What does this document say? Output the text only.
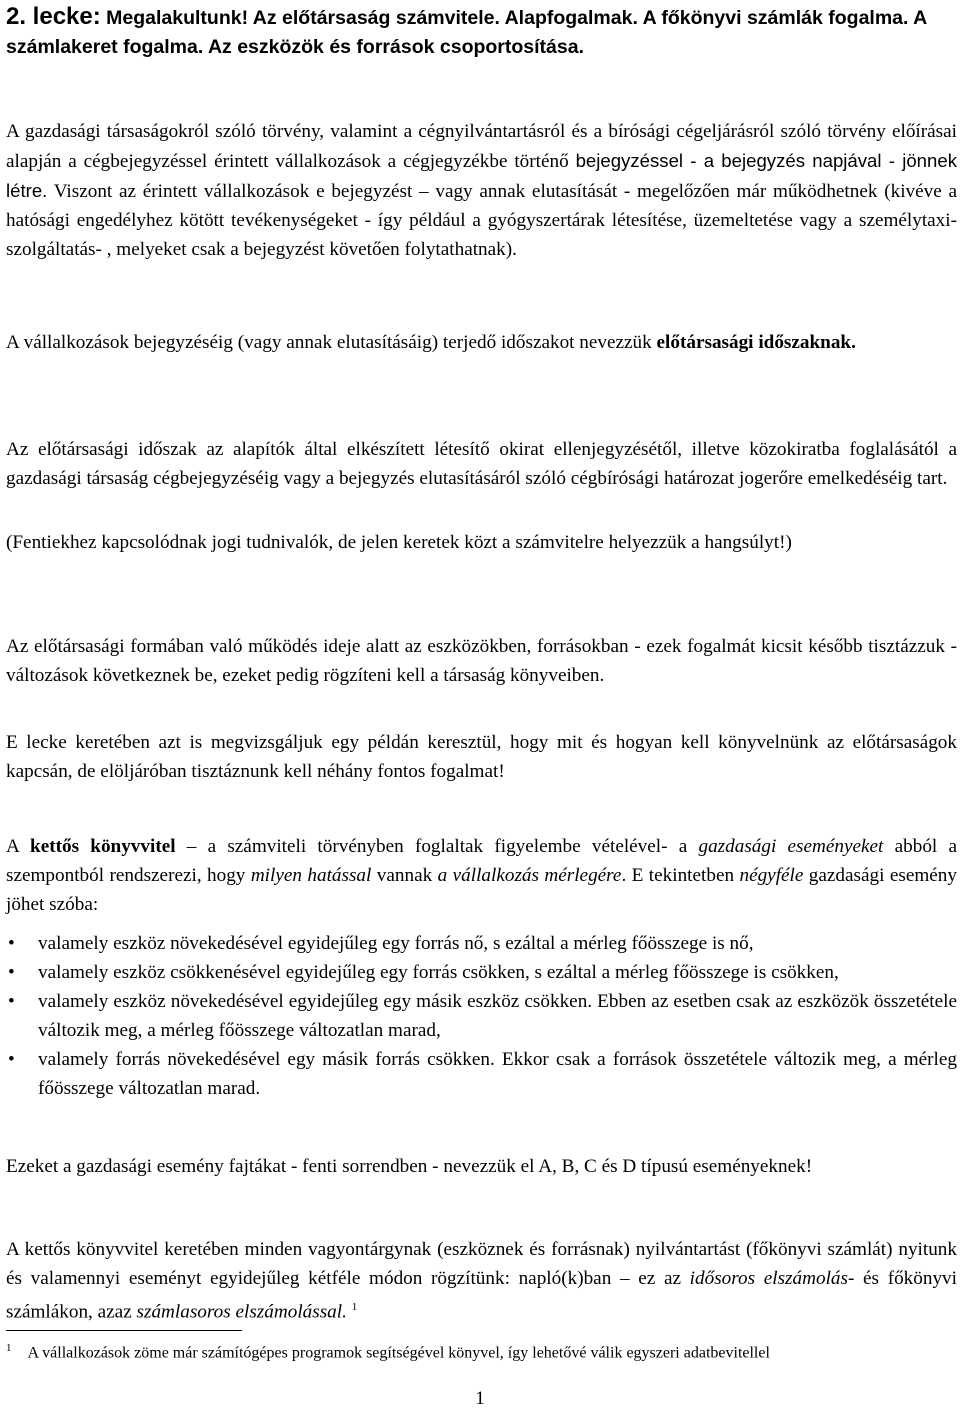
2. lecke: Megalakultunk! Az előtársaság számvitele. Alapfogalmak. A főkönyvi számlák fogalma. A számlakeret fogalma. Az eszközök és források csoportosítása.

A gazdasági társaságokról szóló törvény, valamint a cégnyilvántartásról és a bírósági cégeljárásról szóló törvény előírásai alapján a cégbejegyzéssel érintett vállalkozások a cégjegyzékbe történő bejegyzéssel - a bejegyzés napjával - jönnek létre. Viszont az érintett vállalkozások e bejegyzést – vagy annak elutasítását - megelőzően már működhetnek (kivéve a hatósági engedélyhez kötött tevékenységeket - így például a gyógyszertárak létesítése, üzemeltetése vagy a személytaxi-szolgáltatás- , melyeket csak a bejegyzést követően folytathatnak).

A vállalkozások bejegyzéséig (vagy annak elutasításáig) terjedő időszakot nevezzük előtársasági időszaknak.

Az előtársasági időszak az alapítók által elkészített létesítő okirat ellenjegyzésétől, illetve közokiratba foglalásától a gazdasági társaság cégbejegyzéséig vagy a bejegyzés elutasításáról szóló cégbírósági határozat jogerőre emelkedéséig tart.

(Fentiekhez kapcsolódnak jogi tudnivalók, de jelen keretek közt a számvitelre helyezzük a hangsúlyt!)

Az előtársasági formában való működés ideje alatt az eszközökben, forrásokban - ezek fogalmát kicsit később tisztázzuk - változások következnek be, ezeket pedig rögzíteni kell a társaság könyveiben.

E lecke keretében azt is megvizsgáljuk egy példán keresztül, hogy mit és hogyan kell könyvelnünk az előtársaságok kapcsán, de elöljáróban tisztáznunk kell néhány fontos fogalmat!

A kettős könyvvitel – a számviteli törvényben foglaltak figyelembe vételével- a gazdasági eseményeket abból a szempontból rendszerezi, hogy milyen hatással vannak a vállalkozás mérlegére. E tekintetben négyféle gazdasági esemény jöhet szóba:

• valamely eszköz növekedésével egyidejűleg egy forrás nő, s ezáltal a mérleg főösszege is nő,
• valamely eszköz csökkenésével egyidejűleg egy forrás csökken, s ezáltal a mérleg főösszege is csökken,
• valamely eszköz növekedésével egyidejűleg egy másik eszköz csökken. Ebben az esetben csak az eszközök összetétele változik meg, a mérleg főösszege változatlan marad,
• valamely forrás növekedésével egy másik forrás csökken. Ekkor csak a források összetétele változik meg, a mérleg főösszege változatlan marad.

Ezeket a gazdasági esemény fajtákat - fenti sorrendben - nevezzük el A, B, C és D típusú eseményeknek!

A kettős könyvvitel keretében minden vagyontárgynak (eszköznek és forrásnak) nyilvántartást (főkönyvi számlát) nyitunk és valamennyi eseményt egyidejűleg kétféle módon rögzítünk: napló(k)ban – ez az idősoros elszámolás- és főkönyvi számlákon, azaz számlasoros elszámolással. $^1$

$^1$ A vállalkozások zöme már számítógépes programok segítségével könyvel, így lehetővé válik egyszeri adatbevitellel
1
